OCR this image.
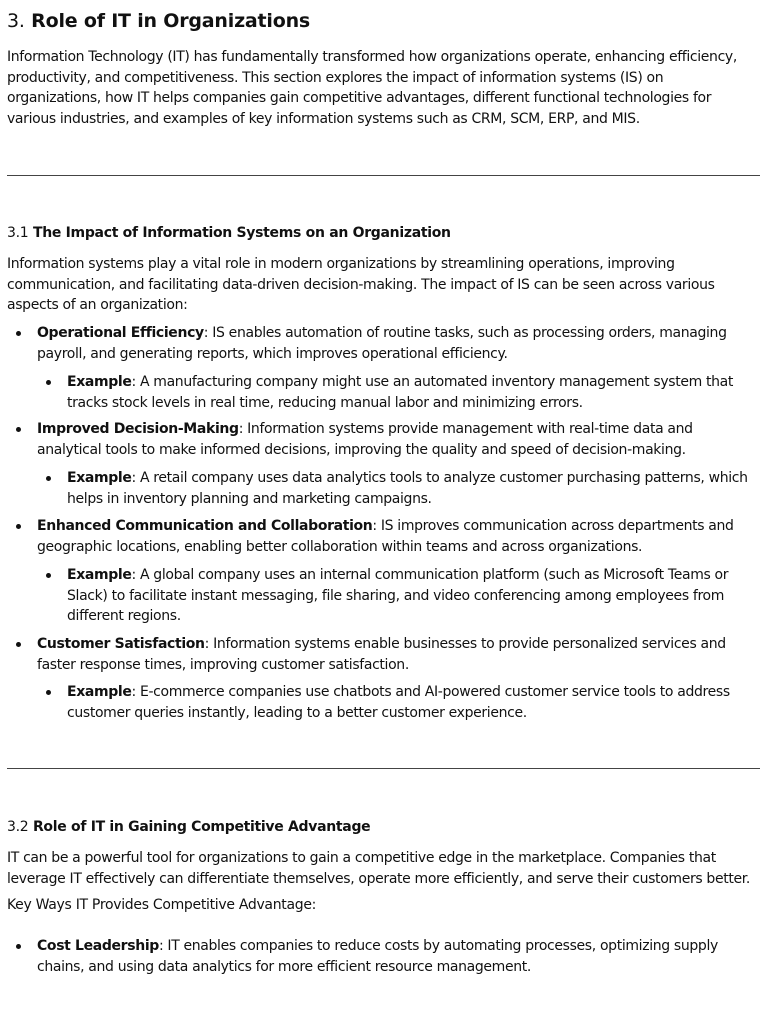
3. Role of IT in Organizations

Information Technology (IT) has fundamentally transformed how organizations operate, enhancing efficiency, productivity, and competitiveness. This section explores the impact of information systems (IS) on organizations, how IT helps companies gain competitive advantages, different functional technologies for various industries, and examples of key information systems such as CRM, SCM, ERP, and MIS.

3.1 The Impact of Information Systems on an Organization

Information systems play a vital role in modern organizations by streamlining operations, improving communication, and facilitating data-driven decision-making. The impact of IS can be seen across various aspects of an organization:

Operational Efficiency: IS enables automation of routine tasks, such as processing orders, managing payroll, and generating reports, which improves operational efficiency.
Example: A manufacturing company might use an automated inventory management system that tracks stock levels in real time, reducing manual labor and minimizing errors.
Improved Decision-Making: Information systems provide management with real-time data and analytical tools to make informed decisions, improving the quality and speed of decision-making.
Example: A retail company uses data analytics tools to analyze customer purchasing patterns, which helps in inventory planning and marketing campaigns.
Enhanced Communication and Collaboration: IS improves communication across departments and geographic locations, enabling better collaboration within teams and across organizations.
Example: A global company uses an internal communication platform (such as Microsoft Teams or Slack) to facilitate instant messaging, file sharing, and video conferencing among employees from different regions.
Customer Satisfaction: Information systems enable businesses to provide personalized services and faster response times, improving customer satisfaction.
Example: E-commerce companies use chatbots and AI-powered customer service tools to address customer queries instantly, leading to a better customer experience.
3.2 Role of IT in Gaining Competitive Advantage

IT can be a powerful tool for organizations to gain a competitive edge in the marketplace. Companies that leverage IT effectively can differentiate themselves, operate more efficiently, and serve their customers better.

Key Ways IT Provides Competitive Advantage:
Cost Leadership: IT enables companies to reduce costs by automating processes, optimizing supply chains, and using data analytics for more efficient resource management.
